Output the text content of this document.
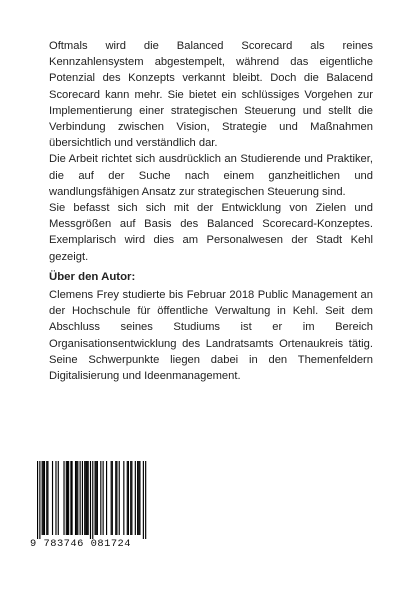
Oftmals wird die Balanced Scorecard als reines Kennzahlensystem abgestempelt, während das eigentliche Potenzial des Konzepts verkannt bleibt. Doch die Balacend Scorecard kann mehr. Sie bietet ein schlüssiges Vorgehen zur Implementierung einer strategischen Steuerung und stellt die Verbindung zwischen Vision, Strategie und Maßnahmen übersichtlich und verständlich dar.

Die Arbeit richtet sich ausdrücklich an Studierende und Praktiker, die auf der Suche nach einem ganzheitlichen und wandlungsfähigen Ansatz zur strategischen Steuerung sind.

Sie befasst sich sich mit der Entwicklung von Zielen und Messgrößen auf Basis des Balanced Scorecard-Konzeptes. Exemplarisch wird dies am Personalwesen der Stadt Kehl gezeigt.

Über den Autor:
Clemens Frey studierte bis Februar 2018 Public Management an der Hochschule für öffentliche Verwaltung in Kehl. Seit dem Abschluss seines Studiums ist er im Bereich Organisationsentwicklung des Landratsamts Ortenaukreis tätig. Seine Schwerpunkte liegen dabei in den Themenfeldern Digitalisierung und Ideenmanagement.
9 783746 081724
